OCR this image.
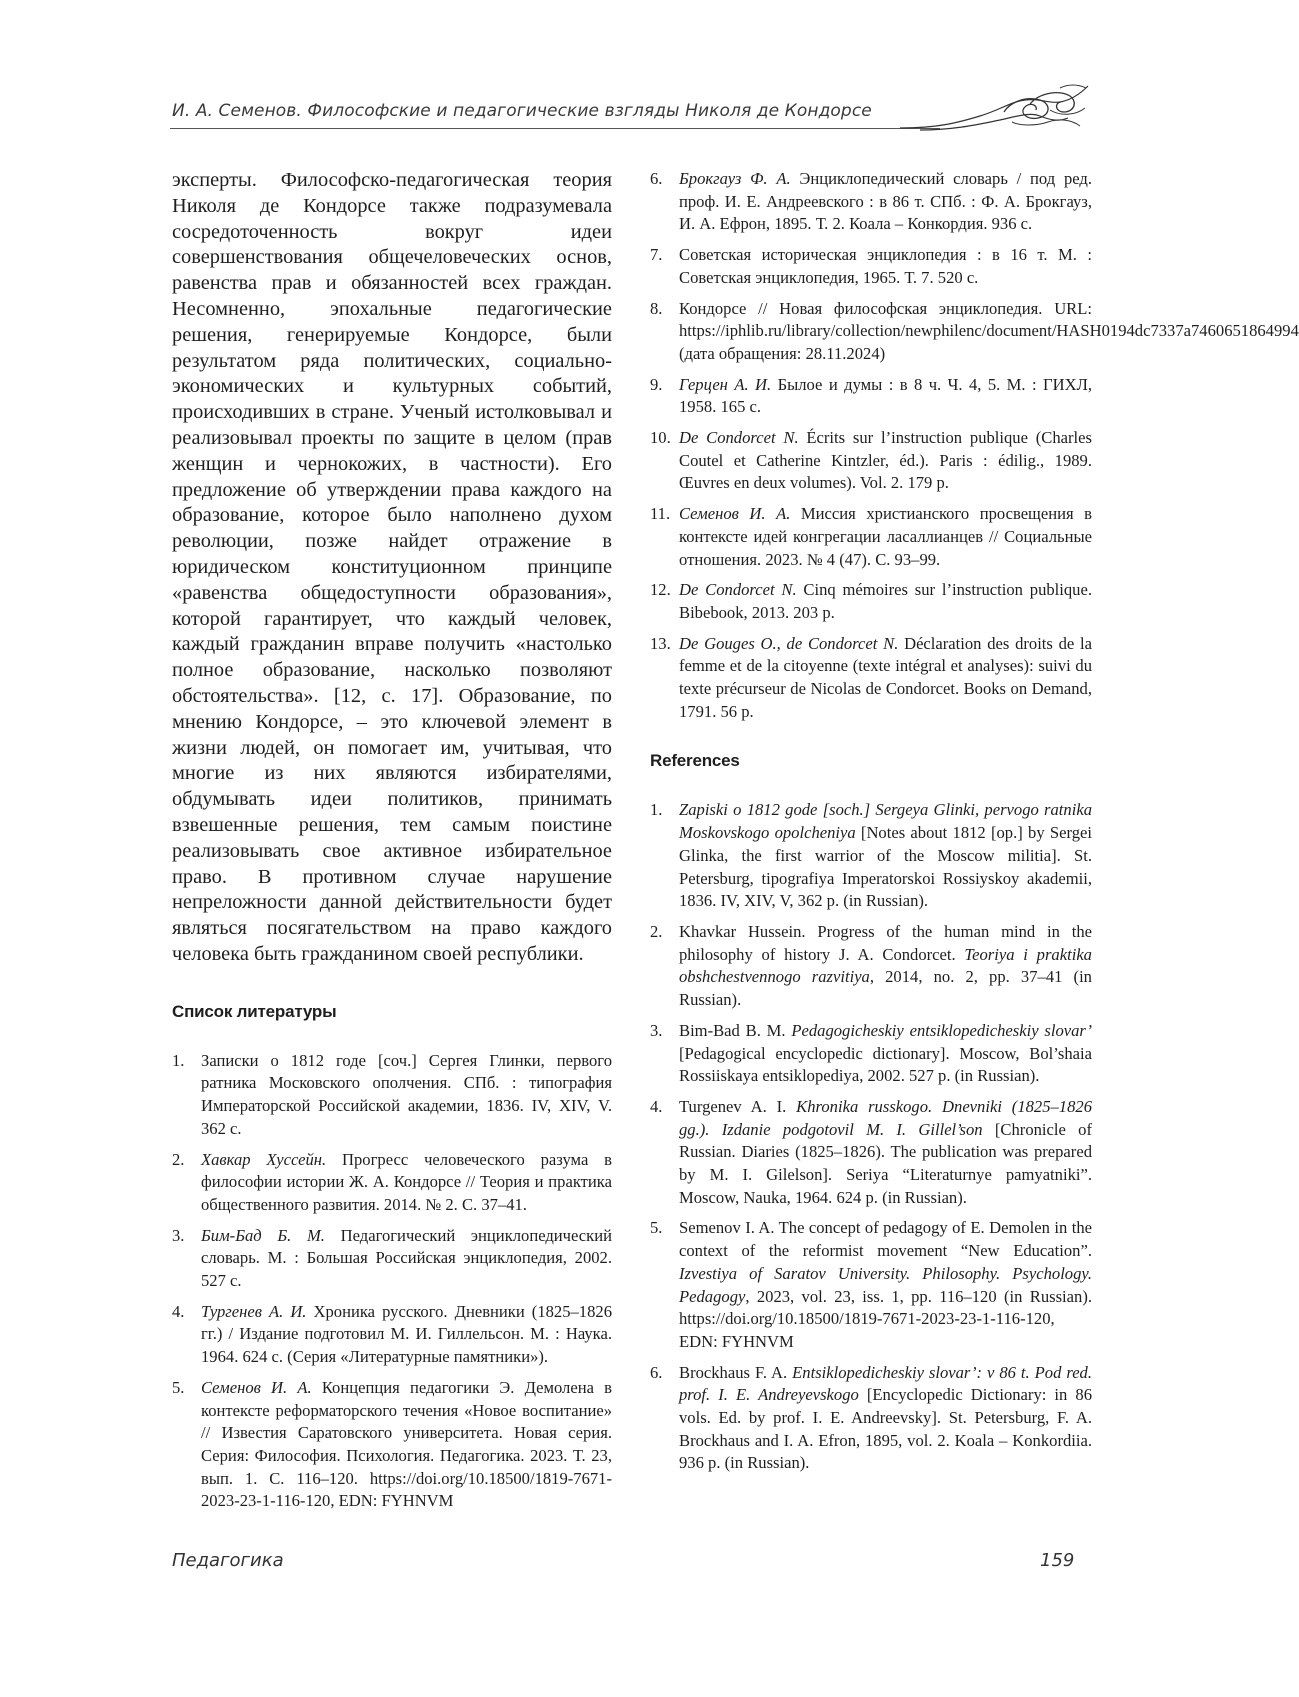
И. А. Семенов. Философские и педагогические взгляды Николя де Кондорсе

эксперты. Философско-педагогическая теория Николя де Кондорсе также подразумевала сосредоточенность вокруг идеи совершенствования общечеловеческих основ, равенства прав и обязанностей всех граждан. Несомненно, эпохальные педагогические решения, генерируемые Кондорсе, были результатом ряда политических, социально-экономических и культурных событий, происходивших в стране. Ученый истолковывал и реализовывал проекты по защите в целом (прав женщин и чернокожих, в частности). Его предложение об утверждении права каждого на образование, которое было наполнено духом революции, позже найдет отражение в юридическом конституционном принципе «равенства общедоступности образования», которой гарантирует, что каждый человек, каждый гражданин вправе получить «настолько полное образование, насколько позволяют обстоятельства». [12, с. 17]. Образование, по мнению Кондорсе, – это ключевой элемент в жизни людей, он помогает им, учитывая, что многие из них являются избирателями, обдумывать идеи политиков, принимать взвешенные решения, тем самым поистине реализовывать свое активное избирательное право. В противном случае нарушение непреложности данной действительности будет являться посягательством на право каждого человека быть гражданином своей республики.

Список литературы
1. Записки о 1812 годе [соч.] Сергея Глинки, первого ратника Московского ополчения. СПб. : типография Императорской Российской академии, 1836. IV, XIV, V. 362 с.
2. Хавкар Хуссейн. Прогресс человеческого разума в философии истории Ж. А. Кондорсе // Теория и практика общественного развития. 2014. № 2. С. 37–41.
3. Бим-Бад Б. М. Педагогический энциклопедический словарь. М. : Большая Российская энциклопедия, 2002. 527 с.
4. Тургенев А. И. Хроника русского. Дневники (1825–1826 гг.) / Издание подготовил М. И. Гиллельсон. М. : Наука. 1964. 624 с. (Серия «Литературные памятники»).
5. Семенов И. А. Концепция педагогики Э. Демолена в контексте реформаторского течения «Новое воспитание» // Известия Саратовского университета. Новая серия. Серия: Философия. Психология. Педагогика. 2023. Т. 23, вып. 1. С. 116–120. https://doi.org/10.18500/1819-7671-2023-23-1-116-120, EDN: FYHNVM
6. Брокгауз Ф. А. Энциклопедический словарь / под ред. проф. И. Е. Андреевского : в 86 т. СПб. : Ф. А. Брокгауз, И. А. Ефрон, 1895. Т. 2. Коала – Конкордия. 936 с.
7. Советская историческая энциклопедия : в 16 т. М. : Советская энциклопедия, 1965. Т. 7. 520 с.
8. Кондорсе // Новая философская энциклопедия. URL: https://iphlib.ru/library/collection/newphilenc/document/HASH0194dc7337a7460651864994 (дата обращения: 28.11.2024)
9. Герцен А. И. Былое и думы : в 8 ч. Ч. 4, 5. М. : ГИХЛ, 1958. 165 с.
10. De Condorcet N. Écrits sur l’instruction publique (Charles Coutel et Catherine Kintzler, éd.). Paris : édilig., 1989. Œuvres en deux volumes). Vol. 2. 179 p.
11. Семенов И. А. Миссия христианского просвещения в контексте идей конгрегации ласаллианцев // Социальные отношения. 2023. № 4 (47). С. 93–99.
12. De Condorcet N. Cinq mémoires sur l’instruction publique. Bibebook, 2013. 203 p.
13. De Gouges O., de Condorcet N. Déclaration des droits de la femme et de la citoyenne (texte intégral et analyses): suivi du texte précurseur de Nicolas de Condorcet. Books on Demand, 1791. 56 p.
References
1. Zapiski o 1812 gode [soch.] Sergeya Glinki, pervogo ratnika Moskovskogo opolcheniya [Notes about 1812 [op.] by Sergei Glinka, the first warrior of the Moscow militia]. St. Petersburg, tipografiya Imperatorskoi Rossiyskoy akademii, 1836. IV, XIV, V, 362 p. (in Russian).
2. Khavkar Hussein. Progress of the human mind in the philosophy of history J. A. Condorcet. Teoriya i praktika obshchestvennogo razvitiya, 2014, no. 2, pp. 37–41 (in Russian).
3. Bim-Bad B. M. Pedagogicheskiy entsiklopedicheskiy slovar’ [Pedagogical encyclopedic dictionary]. Moscow, Bol’shaia Rossiiskaya entsiklopediya, 2002. 527 p. (in Russian).
4. Turgenev A. I. Khronika russkogo. Dnevniki (1825–1826 gg.). Izdanie podgotovil M. I. Gillel’son [Chronicle of Russian. Diaries (1825–1826). The publication was prepared by M. I. Gilelson]. Seriya “Literaturnye pamyatniki”. Moscow, Nauka, 1964. 624 p. (in Russian).
5. Semenov I. A. The concept of pedagogy of E. Demolen in the context of the reformist movement “New Education”. Izvestiya of Saratov University. Philosophy. Psychology. Pedagogy, 2023, vol. 23, iss. 1, pp. 116–120 (in Russian). https://doi.org/10.18500/1819-7671-2023-23-1-116-120, EDN: FYHNVM
6. Brockhaus F. A. Entsiklopedicheskiy slovar’: v 86 t. Pod red. prof. I. E. Andreyevskogo [Encyclopedic Dictionary: in 86 vols. Ed. by prof. I. E. Andreevsky]. St. Petersburg, F. A. Brockhaus and I. A. Efron, 1895, vol. 2. Koala – Konkordiia. 936 p. (in Russian).
Педагогика	159
